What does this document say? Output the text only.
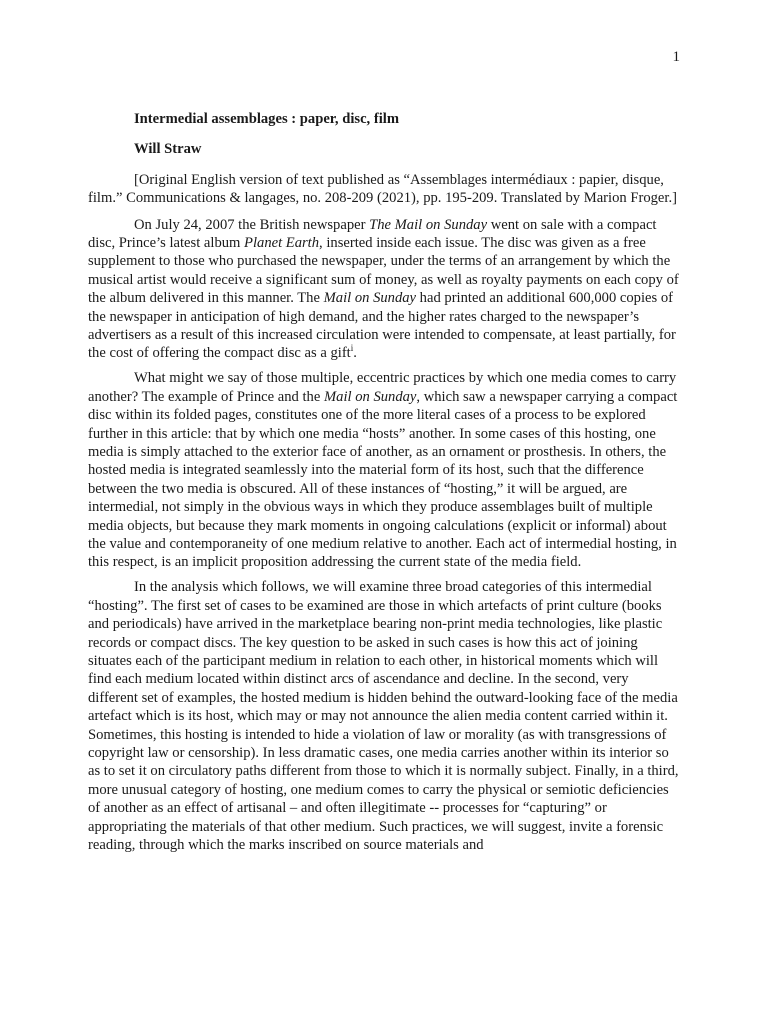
1
Intermedial assemblages : paper, disc, film
Will Straw

[Original English version of text published as “Assemblages intermédiaux : papier, disque, film.” Communications & langages, no. 208-209 (2021), pp. 195-209. Translated by Marion Froger.]

On July 24, 2007 the British newspaper The Mail on Sunday went on sale with a compact disc, Prince’s latest album Planet Earth, inserted inside each issue. The disc was given as a free supplement to those who purchased the newspaper, under the terms of an arrangement by which the musical artist would receive a significant sum of money, as well as royalty payments on each copy of the album delivered in this manner. The Mail on Sunday had printed an additional 600,000 copies of the newspaper in anticipation of high demand, and the higher rates charged to the newspaper’s advertisers as a result of this increased circulation were intended to compensate, at least partially, for the cost of offering the compact disc as a gift$^i$.

What might we say of those multiple, eccentric practices by which one media comes to carry another? The example of Prince and the Mail on Sunday, which saw a newspaper carrying a compact disc within its folded pages, constitutes one of the more literal cases of a process to be explored further in this article: that by which one media “hosts” another. In some cases of this hosting, one media is simply attached to the exterior face of another, as an ornament or prosthesis. In others, the hosted media is integrated seamlessly into the material form of its host, such that the difference between the two media is obscured. All of these instances of “hosting,” it will be argued, are intermedial, not simply in the obvious ways in which they produce assemblages built of multiple media objects, but because they mark moments in ongoing calculations (explicit or informal) about the value and contemporaneity of one medium relative to another. Each act of intermedial hosting, in this respect, is an implicit proposition addressing the current state of the media field.

In the analysis which follows, we will examine three broad categories of this intermedial “hosting”. The first set of cases to be examined are those in which artefacts of print culture (books and periodicals) have arrived in the marketplace bearing non-print media technologies, like plastic records or compact discs. The key question to be asked in such cases is how this act of joining situates each of the participant medium in relation to each other, in historical moments which will find each medium located within distinct arcs of ascendance and decline. In the second, very different set of examples, the hosted medium is hidden behind the outward-looking face of the media artefact which is its host, which may or may not announce the alien media content carried within it. Sometimes, this hosting is intended to hide a violation of law or morality (as with transgressions of copyright law or censorship). In less dramatic cases, one media carries another within its interior so as to set it on circulatory paths different from those to which it is normally subject. Finally, in a third, more unusual category of hosting, one medium comes to carry the physical or semiotic deficiencies of another as an effect of artisanal – and often illegitimate -- processes for “capturing” or appropriating the materials of that other medium. Such practices, we will suggest, invite a forensic reading, through which the marks inscribed on source materials and
